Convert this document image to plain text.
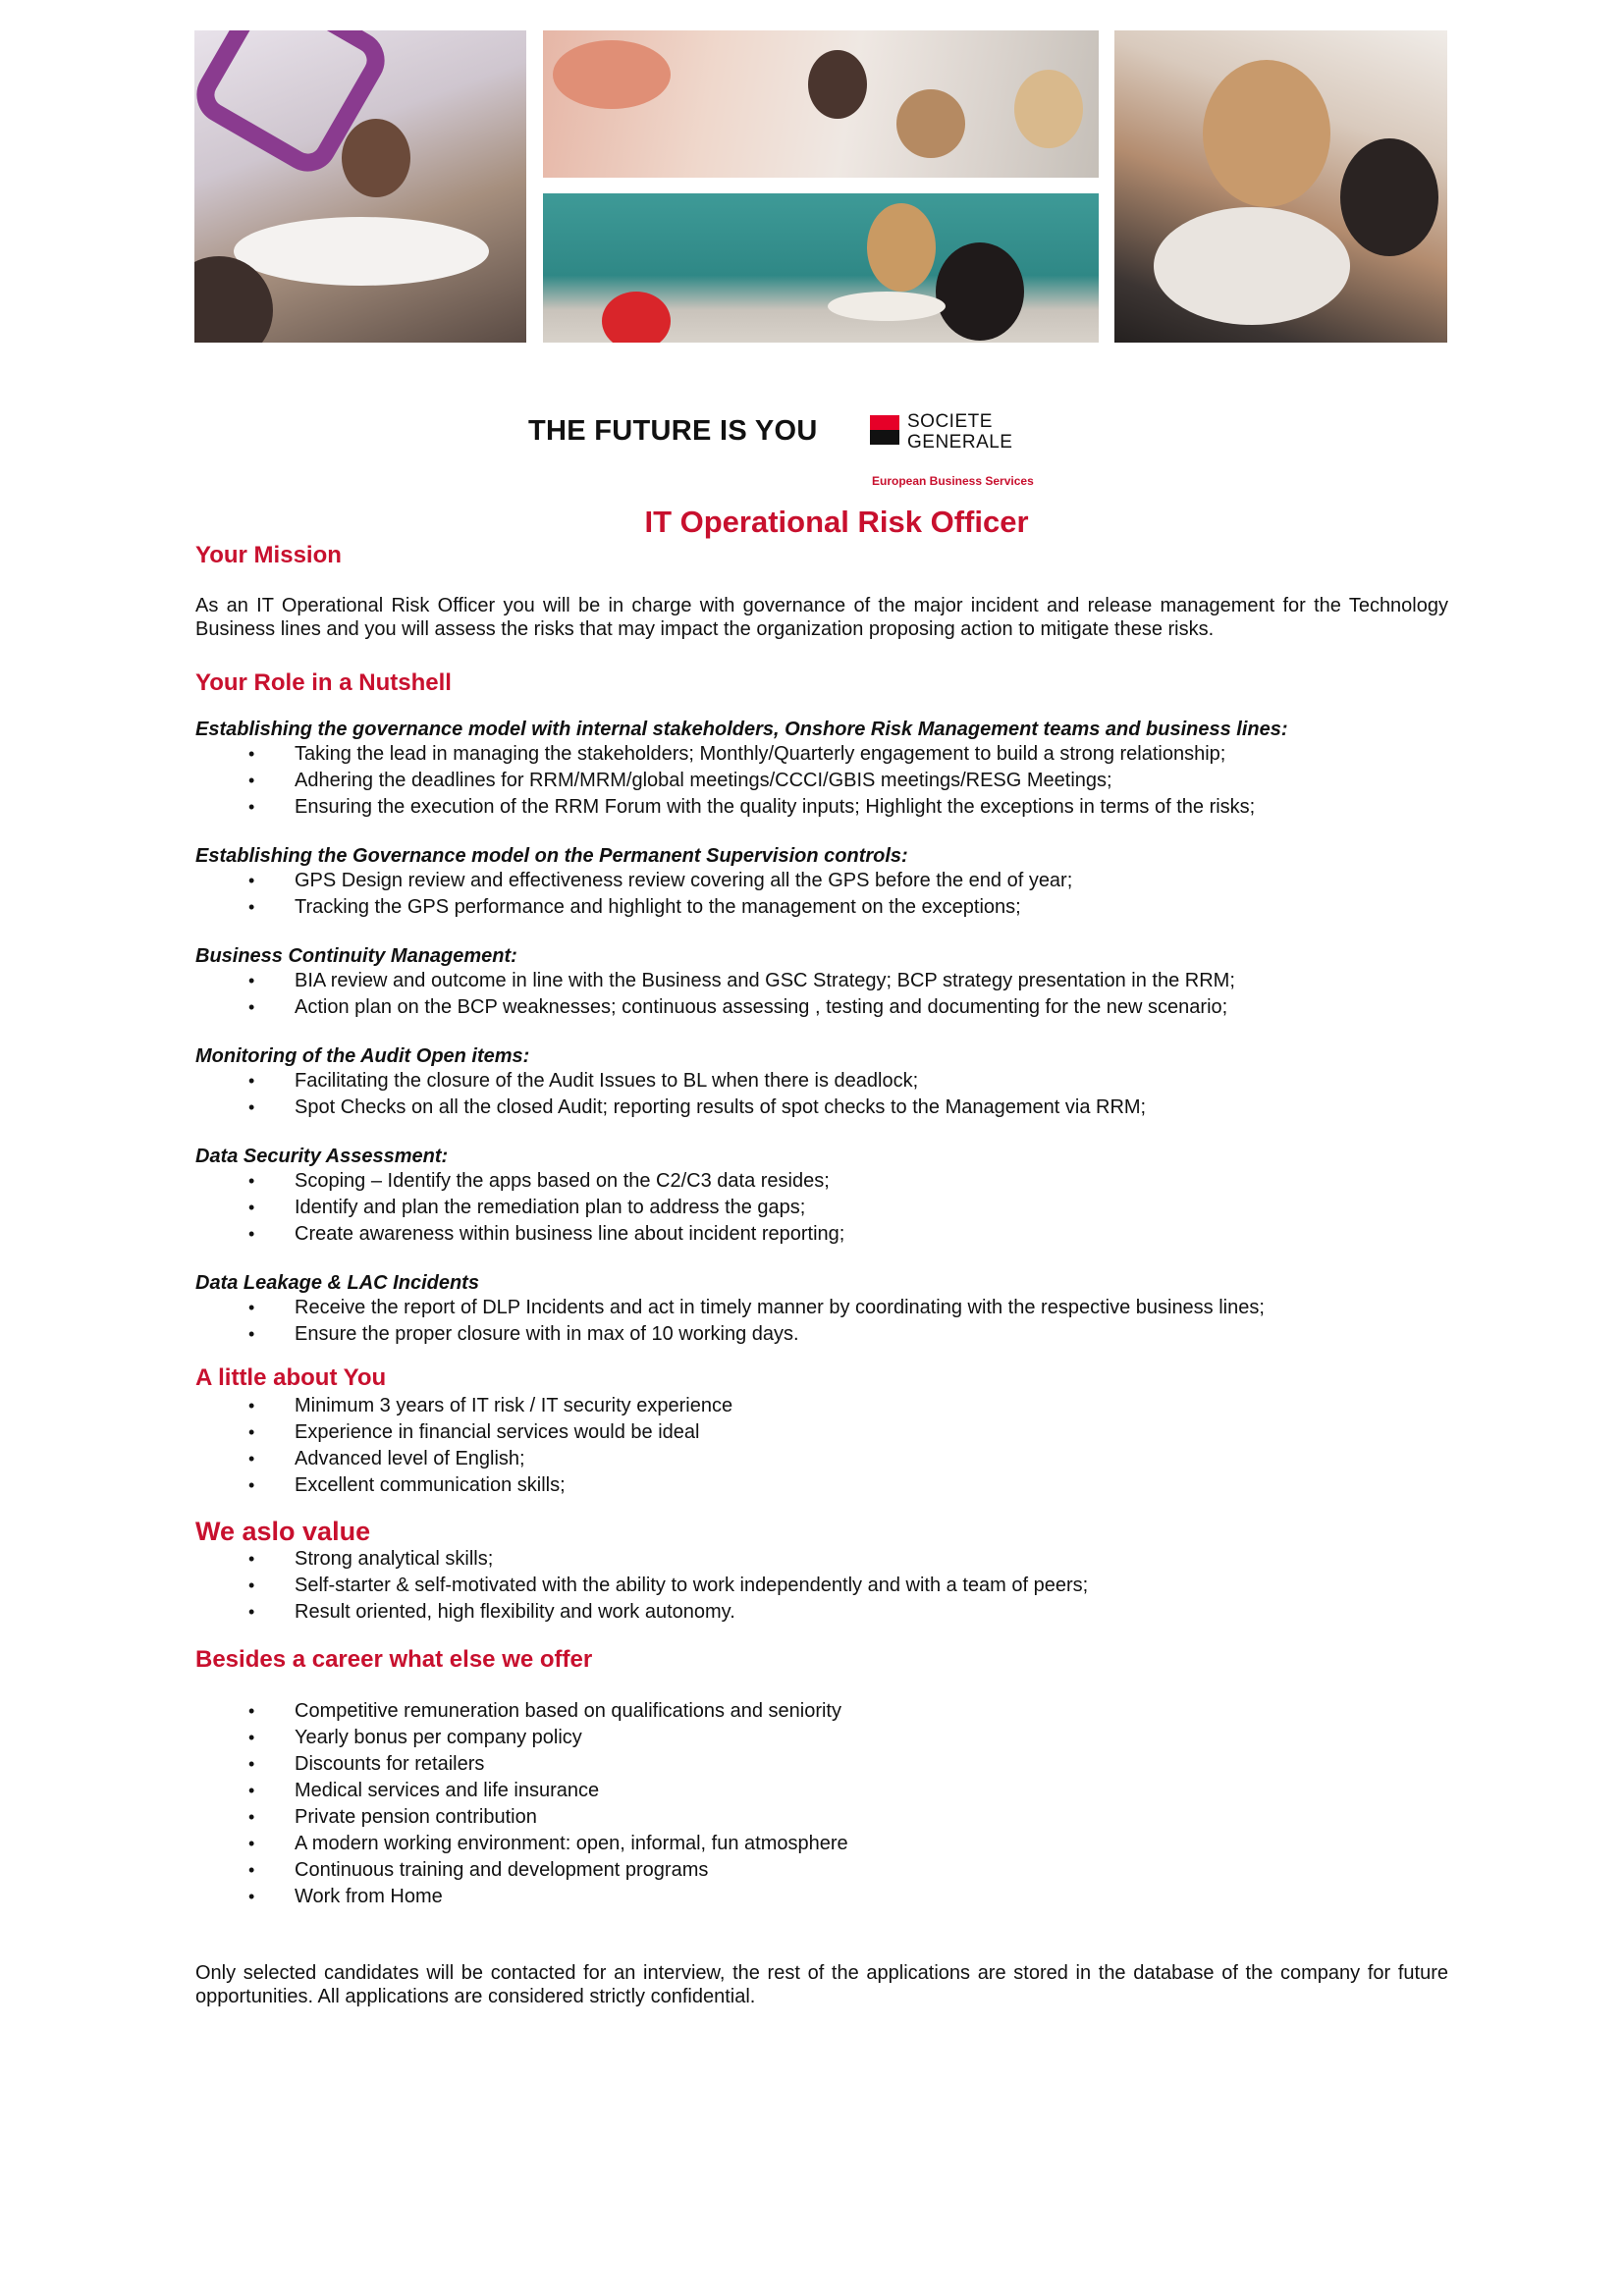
THE FUTURE IS YOU	SOCIETE
GENERALE
European Business Services
IT Operational Risk Officer
Your Mission

As an IT Operational Risk Officer you will be in charge with governance of the major incident and release management for the Technology Business lines and you will assess the risks that may impact the organization proposing action to mitigate these risks.

Your Role in a Nutshell

Establishing the governance model with internal stakeholders, Onshore Risk Management teams and business lines:

• Taking the lead in managing the stakeholders; Monthly/Quarterly engagement to build a strong relationship;
• Adhering the deadlines for RRM/MRM/global meetings/CCCI/GBIS meetings/RESG Meetings;
• Ensuring the execution of the RRM Forum with the quality inputs; Highlight the exceptions in terms of the risks;

Establishing the Governance model on the Permanent Supervision controls:

• GPS Design review and effectiveness review covering all the GPS before the end of year;
• Tracking the GPS performance and highlight to the management on the exceptions;

Business Continuity Management:

• BIA review and outcome in line with the Business and GSC Strategy; BCP strategy presentation in the RRM;
• Action plan on the BCP weaknesses; continuous assessing , testing and documenting for the new scenario;

Monitoring of the Audit Open items:

• Facilitating the closure of the Audit Issues to BL when there is deadlock;
• Spot Checks on all the closed Audit; reporting results of spot checks to the Management via RRM;

Data Security Assessment:

• Scoping – Identify the apps based on the C2/C3 data resides;
• Identify and plan the remediation plan to address the gaps;
• Create awareness within business line about incident reporting;

Data Leakage & LAC Incidents

• Receive the report of DLP Incidents and act in timely manner by coordinating with the respective business lines;
• Ensure the proper closure with in max of 10 working days.
A little about You
• Minimum 3 years of IT risk / IT security experience
• Experience in financial services would be ideal
• Advanced level of English;
• Excellent communication skills;
We aslo value
• Strong analytical skills;
• Self-starter & self-motivated with the ability to work independently and with a team of peers;
• Result oriented, high flexibility and work autonomy.
Besides a career what else we offer
• Competitive remuneration based on qualifications and seniority
• Yearly bonus per company policy
• Discounts for retailers
• Medical services and life insurance
• Private pension contribution
• A modern working environment: open, informal, fun atmosphere
• Continuous training and development programs
• Work from Home

Only selected candidates will be contacted for an interview, the rest of the applications are stored in the database of the company for future opportunities. All applications are considered strictly confidential.
